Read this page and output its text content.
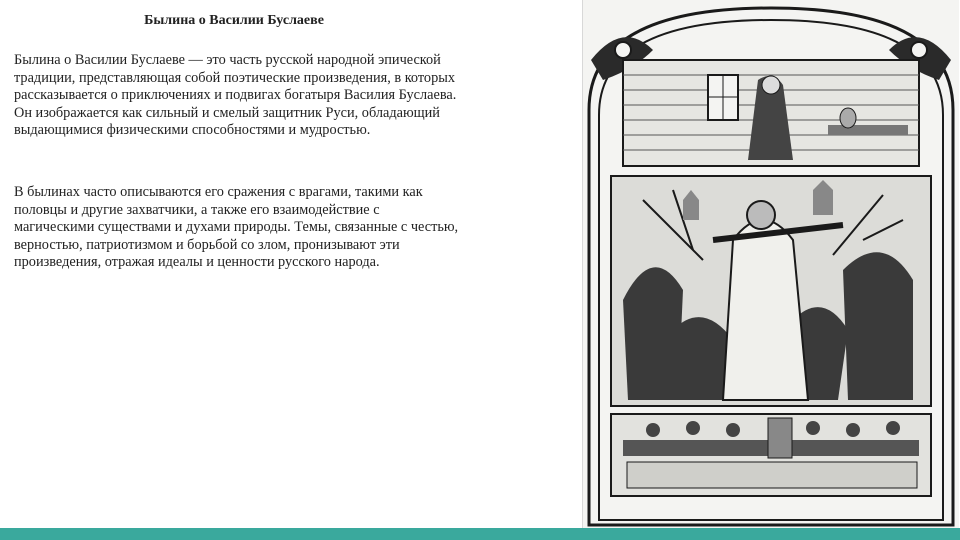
Былина о Василии Буслаеве

Былина о Василии Буслаеве — это часть русской народной эпической традиции, представляющая собой поэтические произведения, в которых рассказывается о приключениях и подвигах богатыря Василия Буслаева. Он изображается как сильный и смелый защитник Руси, обладающий выдающимися физическими способностями и мудростью.

В былинах часто описываются его сражения с врагами, такими как половцы и другие захватчики, а также его взаимодействие с магическими существами и духами природы. Темы, связанные с честью, верностью, патриотизмом и борьбой со злом, пронизывают эти произведения, отражая идеалы и ценности русского народа.
